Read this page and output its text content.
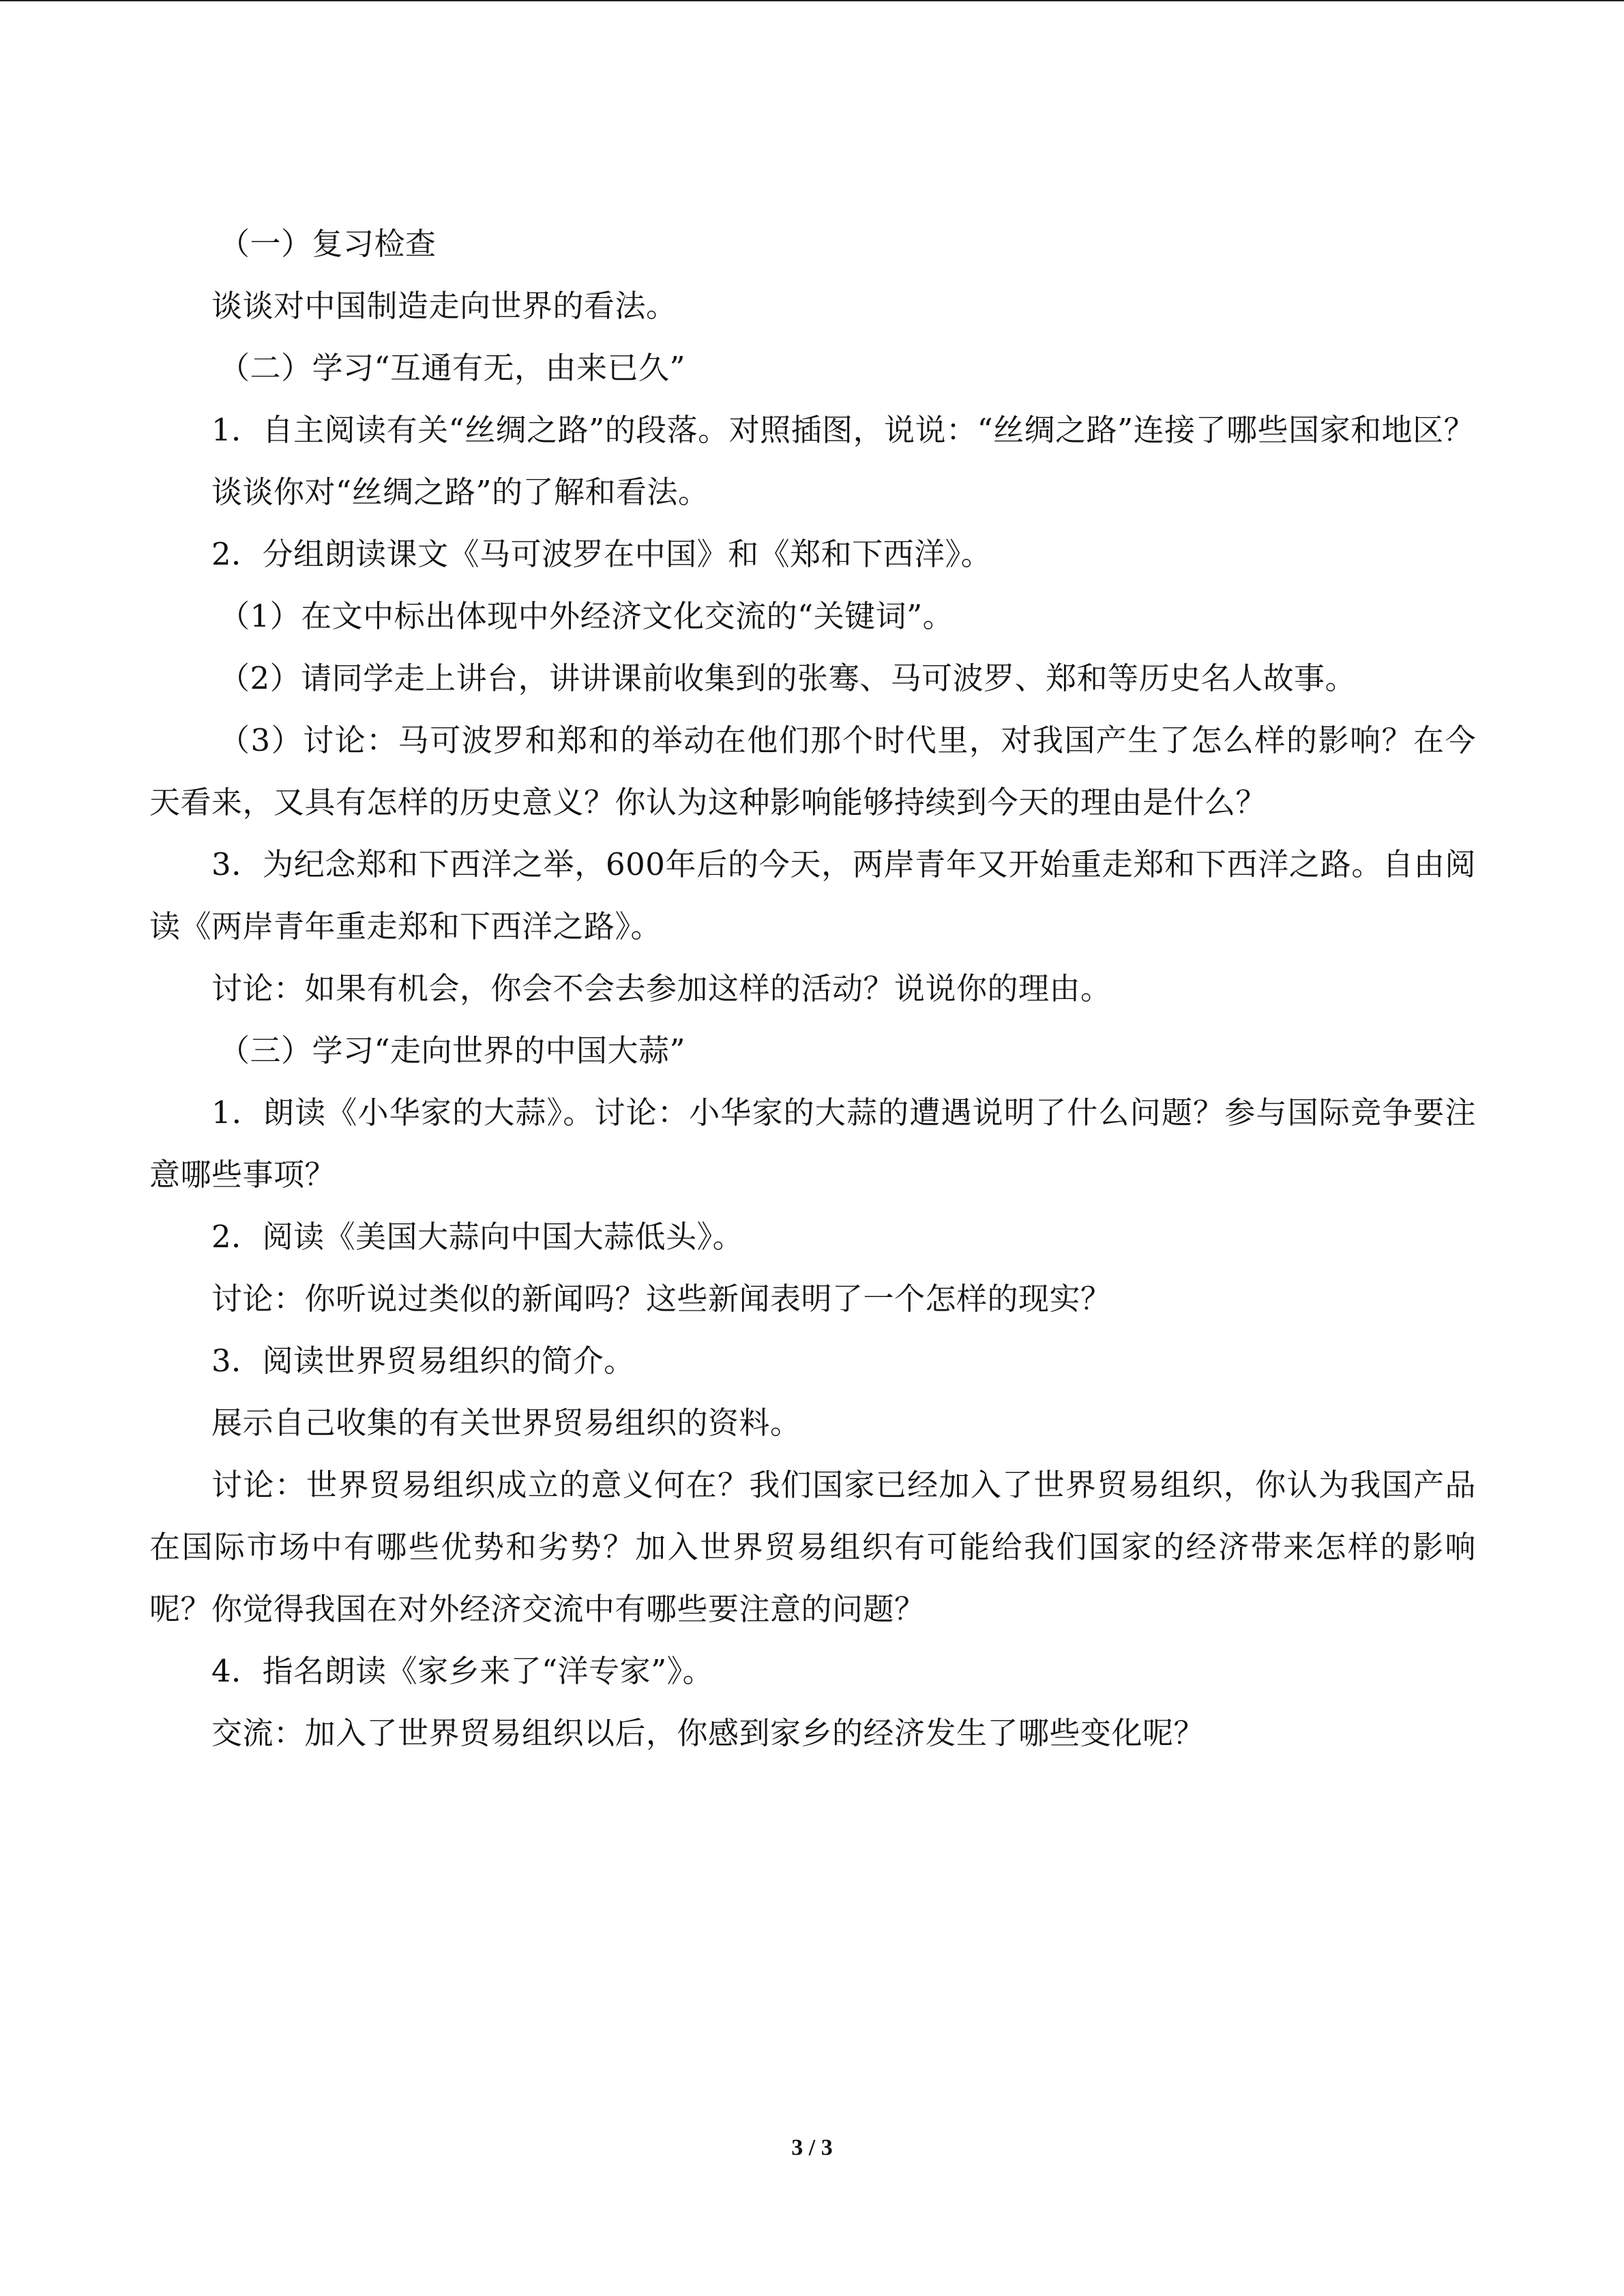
（一）复习检查

谈谈对中国制造走向世界的看法。

（二）学习“互通有无，由来已久”

1．自主阅读有关“丝绸之路”的段落。对照插图，说说：“丝绸之路”连接了哪些国家和地区？

谈谈你对“丝绸之路”的了解和看法。

2．分组朗读课文《马可波罗在中国》和《郑和下西洋》。

（1）在文中标出体现中外经济文化交流的“关键词”。

（2）请同学走上讲台，讲讲课前收集到的张骞、马可波罗、郑和等历史名人故事。

（3）讨论：马可波罗和郑和的举动在他们那个时代里，对我国产生了怎么样的影响？在今天看来，又具有怎样的历史意义？你认为这种影响能够持续到今天的理由是什么？

3．为纪念郑和下西洋之举，600年后的今天，两岸青年又开始重走郑和下西洋之路。自由阅读《两岸青年重走郑和下西洋之路》。

讨论：如果有机会，你会不会去参加这样的活动？说说你的理由。

（三）学习“走向世界的中国大蒜”

1．朗读《小华家的大蒜》。讨论：小华家的大蒜的遭遇说明了什么问题？参与国际竞争要注意哪些事项？

2．阅读《美国大蒜向中国大蒜低头》。

讨论：你听说过类似的新闻吗？这些新闻表明了一个怎样的现实？

3．阅读世界贸易组织的简介。

展示自己收集的有关世界贸易组织的资料。

讨论：世界贸易组织成立的意义何在？我们国家已经加入了世界贸易组织，你认为我国产品在国际市场中有哪些优势和劣势？加入世界贸易组织有可能给我们国家的经济带来怎样的影响呢？你觉得我国在对外经济交流中有哪些要注意的问题？

4．指名朗读《家乡来了“洋专家”》。

交流：加入了世界贸易组织以后，你感到家乡的经济发生了哪些变化呢？

3 / 3
